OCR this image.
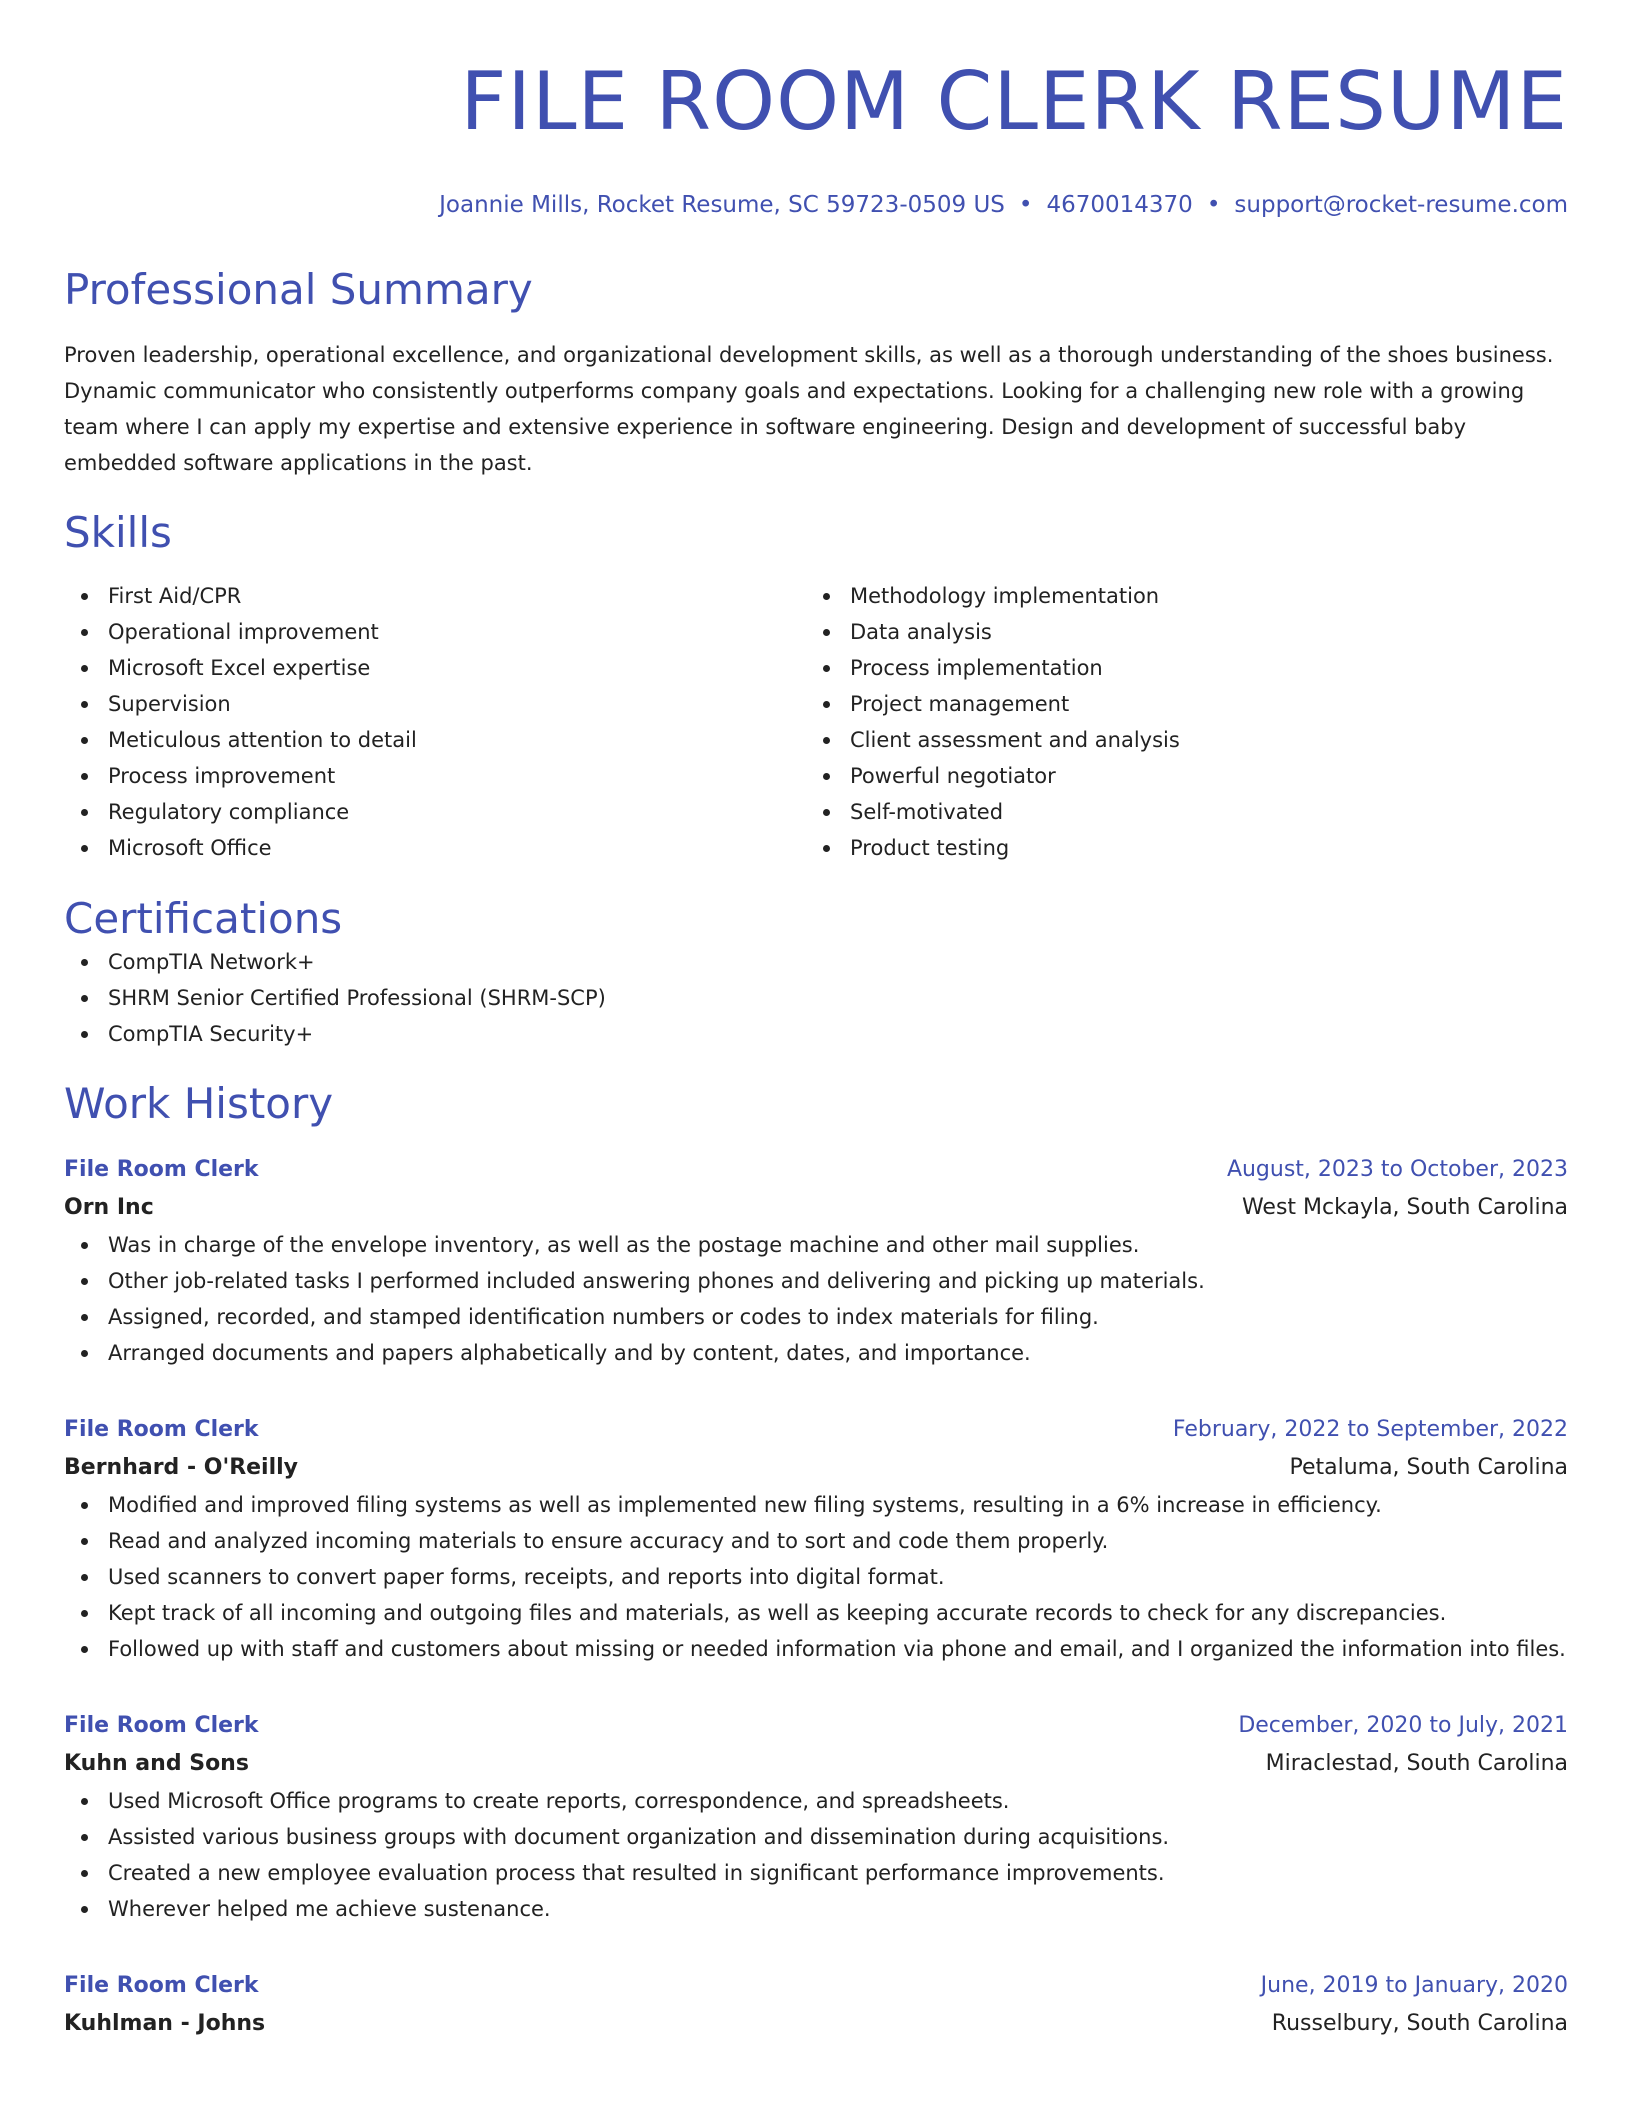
FILE ROOM CLERK RESUME
Joannie Mills, Rocket Resume, SC 59723-0509 US • 4670014370 • support@rocket-resume.com
Professional Summary
Proven leadership, operational excellence, and organizational development skills, as well as a thorough understanding of the shoes business. Dynamic communicator who consistently outperforms company goals and expectations. Looking for a challenging new role with a growing team where I can apply my expertise and extensive experience in software engineering. Design and development of successful baby embedded software applications in the past.
Skills
First Aid/CPR
Operational improvement
Microsoft Excel expertise
Supervision
Meticulous attention to detail
Process improvement
Regulatory compliance
Microsoft Office
Methodology implementation
Data analysis
Process implementation
Project management
Client assessment and analysis
Powerful negotiator
Self-motivated
Product testing
Certifications
CompTIA Network+
SHRM Senior Certified Professional (SHRM-SCP)
CompTIA Security+
Work History
File Room Clerk	August, 2023 to October, 2023
Orn Inc	West Mckayla, South Carolina
Was in charge of the envelope inventory, as well as the postage machine and other mail supplies.
Other job-related tasks I performed included answering phones and delivering and picking up materials.
Assigned, recorded, and stamped identification numbers or codes to index materials for filing.
Arranged documents and papers alphabetically and by content, dates, and importance.
File Room Clerk	February, 2022 to September, 2022
Bernhard - O'Reilly	Petaluma, South Carolina
Modified and improved filing systems as well as implemented new filing systems, resulting in a 6% increase in efficiency.
Read and analyzed incoming materials to ensure accuracy and to sort and code them properly.
Used scanners to convert paper forms, receipts, and reports into digital format.
Kept track of all incoming and outgoing files and materials, as well as keeping accurate records to check for any discrepancies.
Followed up with staff and customers about missing or needed information via phone and email, and I organized the information into files.
File Room Clerk	December, 2020 to July, 2021
Kuhn and Sons	Miraclestad, South Carolina
Used Microsoft Office programs to create reports, correspondence, and spreadsheets.
Assisted various business groups with document organization and dissemination during acquisitions.
Created a new employee evaluation process that resulted in significant performance improvements.
Wherever helped me achieve sustenance.
File Room Clerk	June, 2019 to January, 2020
Kuhlman - Johns	Russelbury, South Carolina
